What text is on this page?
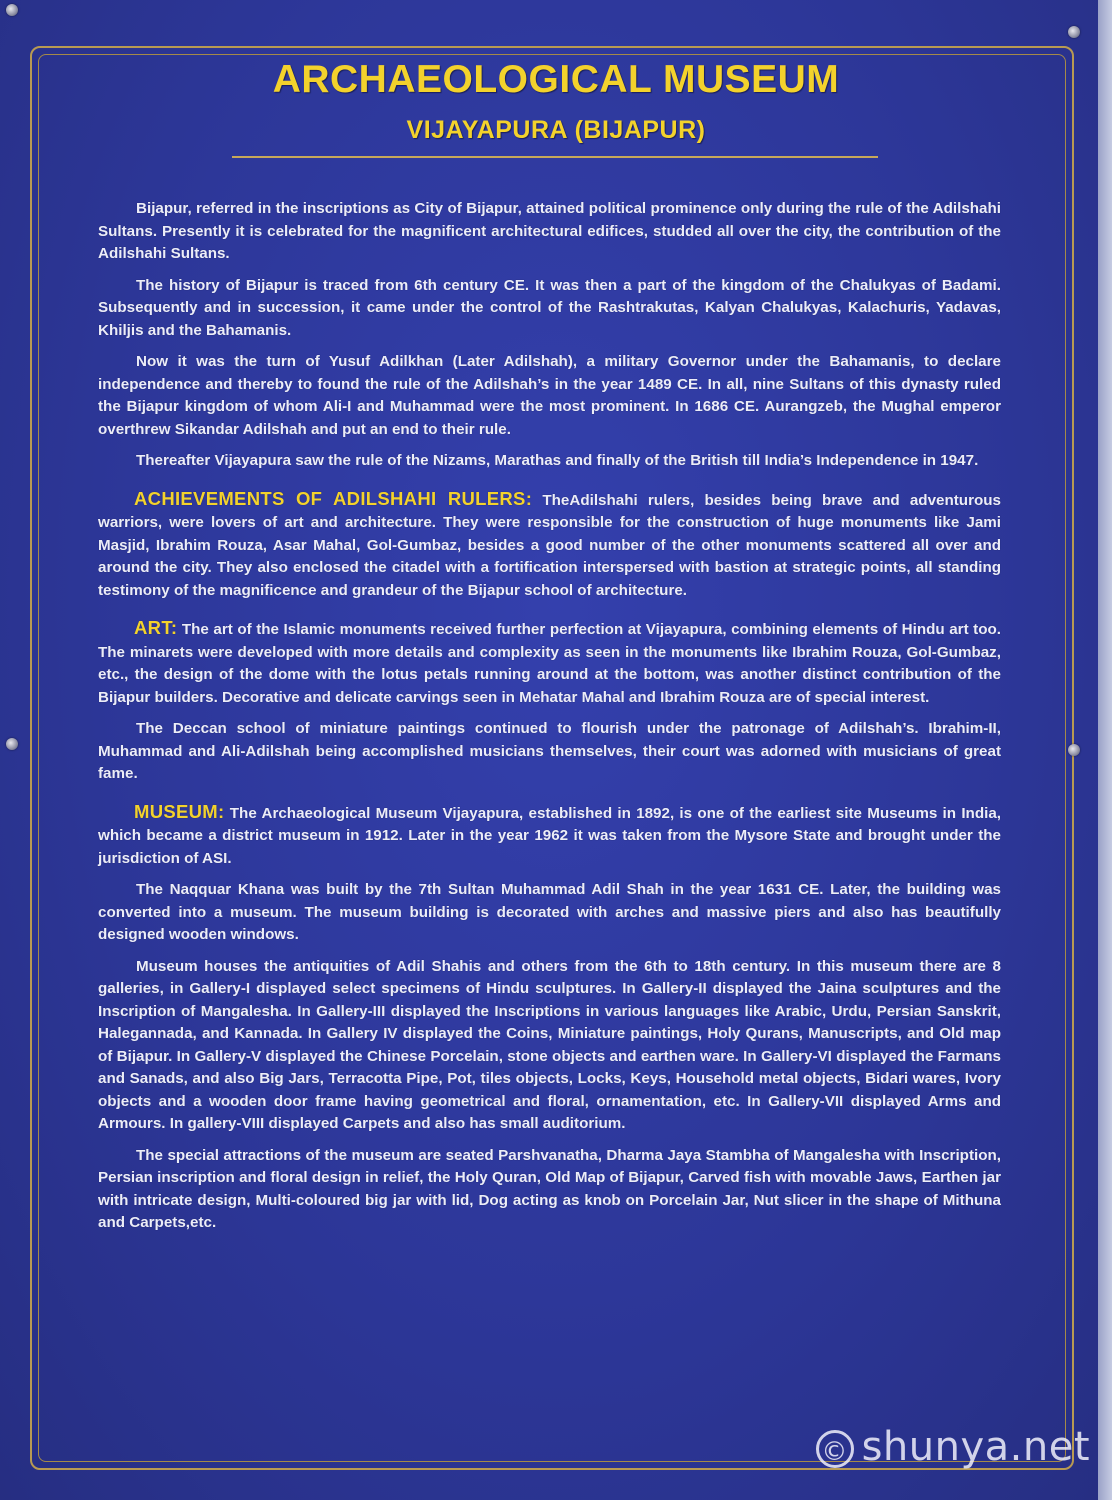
ARCHAEOLOGICAL MUSEUM
VIJAYAPURA (BIJAPUR)

Bijapur, referred in the inscriptions as City of Bijapur, attained political prominence only during the rule of the Adilshahi Sultans. Presently it is celebrated for the magnificent architectural edifices, studded all over the city, the contribution of the Adilshahi Sultans.

The history of Bijapur is traced from 6th century CE. It was then a part of the kingdom of the Chalukyas of Badami. Subsequently and in succession, it came under the control of the Rashtrakutas, Kalyan Chalukyas, Kalachuris, Yadavas, Khiljis and the Bahamanis.

Now it was the turn of Yusuf Adilkhan (Later Adilshah), a military Governor under the Bahamanis, to declare independence and thereby to found the rule of the Adilshah’s in the year 1489 CE. In all, nine Sultans of this dynasty ruled the Bijapur kingdom of whom Ali-I and Muhammad were the most prominent. In 1686 CE. Aurangzeb, the Mughal emperor overthrew Sikandar Adilshah and put an end to their rule.

Thereafter Vijayapura saw the rule of the Nizams, Marathas and finally of the British till India’s Independence in 1947.

ACHIEVEMENTS OF ADILSHAHI RULERS: TheAdilshahi rulers, besides being brave and adventurous warriors, were lovers of art and architecture. They were responsible for the construction of huge monuments like Jami Masjid, Ibrahim Rouza, Asar Mahal, Gol-Gumbaz, besides a good number of the other monuments scattered all over and around the city. They also enclosed the citadel with a fortification interspersed with bastion at strategic points, all standing testimony of the magnificence and grandeur of the Bijapur school of architecture.

ART: The art of the Islamic monuments received further perfection at Vijayapura, combining elements of Hindu art too. The minarets were developed with more details and complexity as seen in the monuments like Ibrahim Rouza, Gol-Gumbaz, etc., the design of the dome with the lotus petals running around at the bottom, was another distinct contribution of the Bijapur builders. Decorative and delicate carvings seen in Mehatar Mahal and Ibrahim Rouza are of special interest.

The Deccan school of miniature paintings continued to flourish under the patronage of Adilshah’s. Ibrahim-II, Muhammad and Ali-Adilshah being accomplished musicians themselves, their court was adorned with musicians of great fame.

MUSEUM: The Archaeological Museum Vijayapura, established in 1892, is one of the earliest site Museums in India, which became a district museum in 1912. Later in the year 1962 it was taken from the Mysore State and brought under the jurisdiction of ASI.

The Naqquar Khana was built by the 7th Sultan Muhammad Adil Shah in the year 1631 CE. Later, the building was converted into a museum. The museum building is decorated with arches and massive piers and also has beautifully designed wooden windows.

Museum houses the antiquities of Adil Shahis and others from the 6th to 18th century. In this museum there are 8 galleries, in Gallery-I displayed select specimens of Hindu sculptures. In Gallery-II displayed the Jaina sculptures and the Inscription of Mangalesha. In Gallery-III displayed the Inscriptions in various languages like Arabic, Urdu, Persian Sanskrit, Halegannada, and Kannada. In Gallery IV displayed the Coins, Miniature paintings, Holy Qurans, Manuscripts, and Old map of Bijapur. In Gallery-V displayed the Chinese Porcelain, stone objects and earthen ware. In Gallery-VI displayed the Farmans and Sanads, and also Big Jars, Terracotta Pipe, Pot, tiles objects, Locks, Keys, Household metal objects, Bidari wares, Ivory objects and a wooden door frame having geometrical and floral, ornamentation, etc. In Gallery-VII displayed Arms and Armours. In gallery-VIII displayed Carpets and also has small auditorium.

The special attractions of the museum are seated Parshvanatha, Dharma Jaya Stambha of Mangalesha with Inscription, Persian inscription and floral design in relief, the Holy Quran, Old Map of Bijapur, Carved fish with movable Jaws, Earthen jar with intricate design, Multi-coloured big jar with lid, Dog acting as knob on Porcelain Jar, Nut slicer in the shape of Mithuna and Carpets,etc.

© shunya.net
